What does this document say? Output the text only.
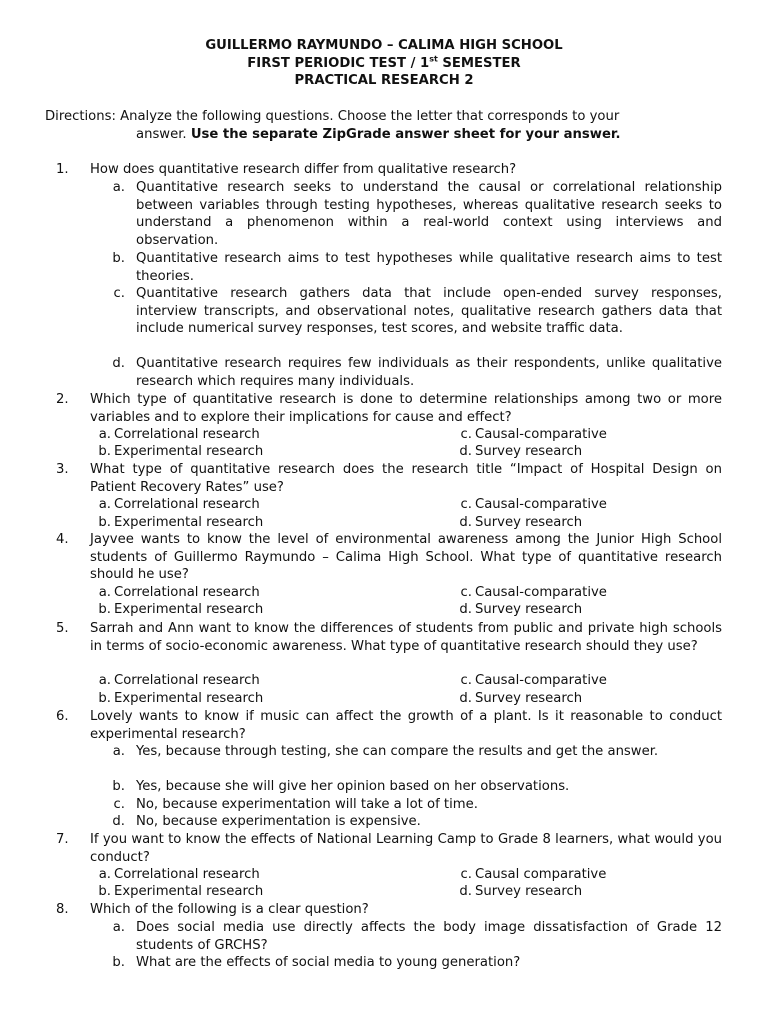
GUILLERMO RAYMUNDO – CALIMA HIGH SCHOOL
FIRST PERIODIC TEST / 1st SEMESTER
PRACTICAL RESEARCH 2
Directions: Analyze the following questions. Choose the letter that corresponds to your
answer. Use the separate ZipGrade answer sheet for your answer.
1. How does quantitative research differ from qualitative research?
a. Quantitative research seeks to understand the causal or correlational relationship between variables through testing hypotheses, whereas qualitative research seeks to understand a phenomenon within a real-world context using interviews and observation.
b. Quantitative research aims to test hypotheses while qualitative research aims to test theories.
c. Quantitative research gathers data that include open-ended survey responses, interview transcripts, and observational notes, qualitative research gathers data that include numerical survey responses, test scores, and website traffic data.
d. Quantitative research requires few individuals as their respondents, unlike qualitative research which requires many individuals.
2. Which type of quantitative research is done to determine relationships among two or more variables and to explore their implications for cause and effect?
a. Correlational research	c. Causal-comparative
b. Experimental research	d. Survey research
3. What type of quantitative research does the research title “Impact of Hospital Design on Patient Recovery Rates” use?
a. Correlational research	c. Causal-comparative
b. Experimental research	d. Survey research
4. Jayvee wants to know the level of environmental awareness among the Junior High School students of Guillermo Raymundo – Calima High School. What type of quantitative research should he use?
a. Correlational research	c. Causal-comparative
b. Experimental research	d. Survey research
5. Sarrah and Ann want to know the differences of students from public and private high schools in terms of socio-economic awareness. What type of quantitative research should they use?
a. Correlational research	c. Causal-comparative
b. Experimental research	d. Survey research
6. Lovely wants to know if music can affect the growth of a plant. Is it reasonable to conduct experimental research?
a. Yes, because through testing, she can compare the results and get the answer.
b. Yes, because she will give her opinion based on her observations.
c. No, because experimentation will take a lot of time.
d. No, because experimentation is expensive.
7. If you want to know the effects of National Learning Camp to Grade 8 learners, what would you conduct?
a. Correlational research	c. Causal comparative
b. Experimental research	d. Survey research
8. Which of the following is a clear question?
a. Does social media use directly affects the body image dissatisfaction of Grade 12 students of GRCHS?
b. What are the effects of social media to young generation?
